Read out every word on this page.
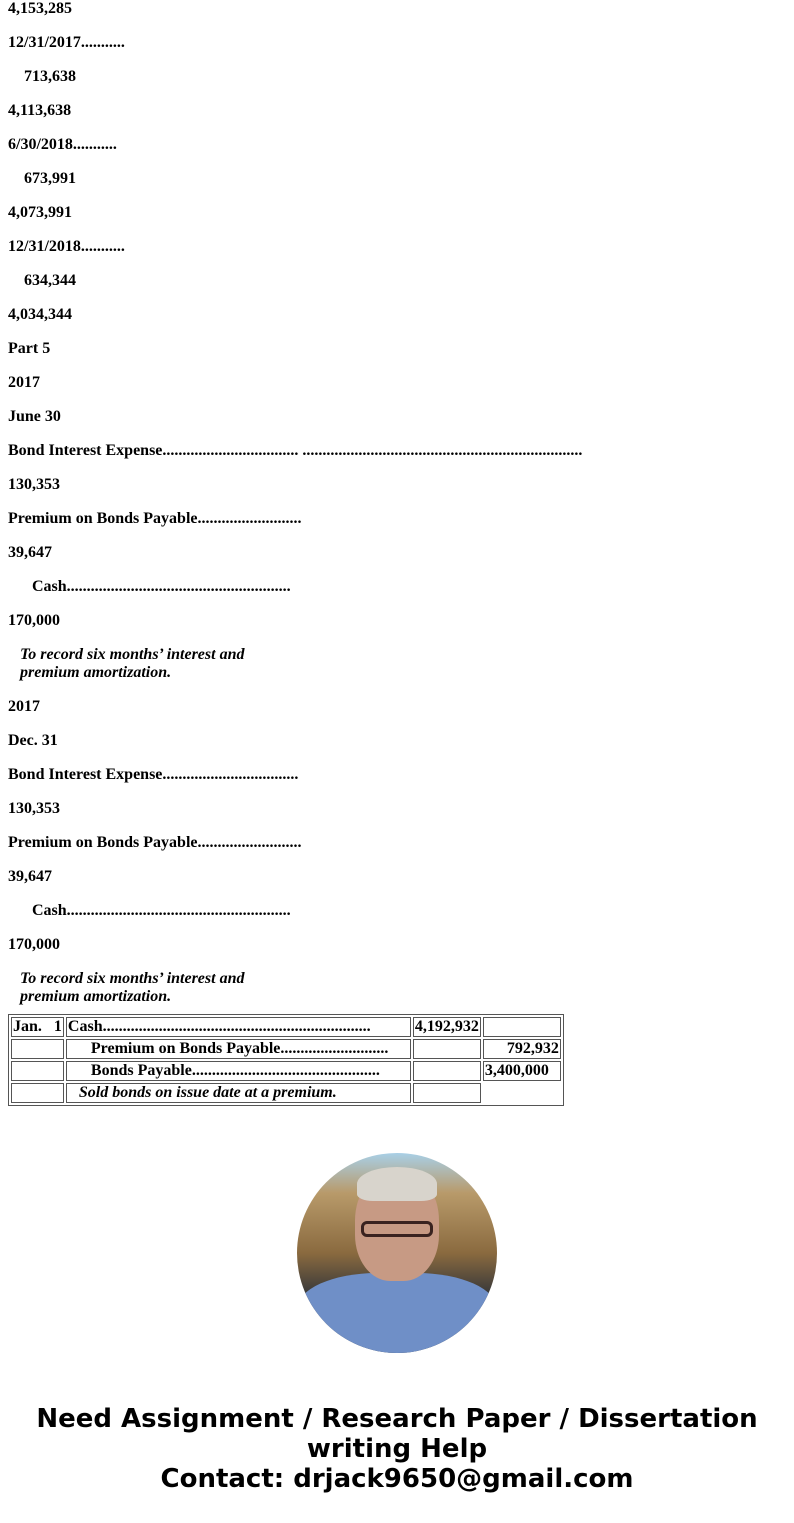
4,153,285

12/31/2017...........

713,638

4,113,638

6/30/2018...........

673,991

4,073,991

12/31/2018...........

634,344

4,034,344

Part 5

2017

June 30

Bond Interest Expense.................................. ......................................................................

130,353

Premium on Bonds Payable..........................

39,647

Cash........................................................

170,000

To record six months’ interest and
premium amortization.

2017

Dec. 31

Bond Interest Expense..................................

130,353

Premium on Bonds Payable..........................

39,647

Cash........................................................

170,000

To record six months’ interest and
premium amortization.

Jan.   1	Cash...................................................................	4,192,932	
	Premium on Bonds Payable...........................		792,932
	Bonds Payable...............................................		3,400,000
	Sold bonds on issue date at a premium.		
Need Assignment / Research Paper / Dissertation
writing Help
Contact: drjack9650@gmail.com
